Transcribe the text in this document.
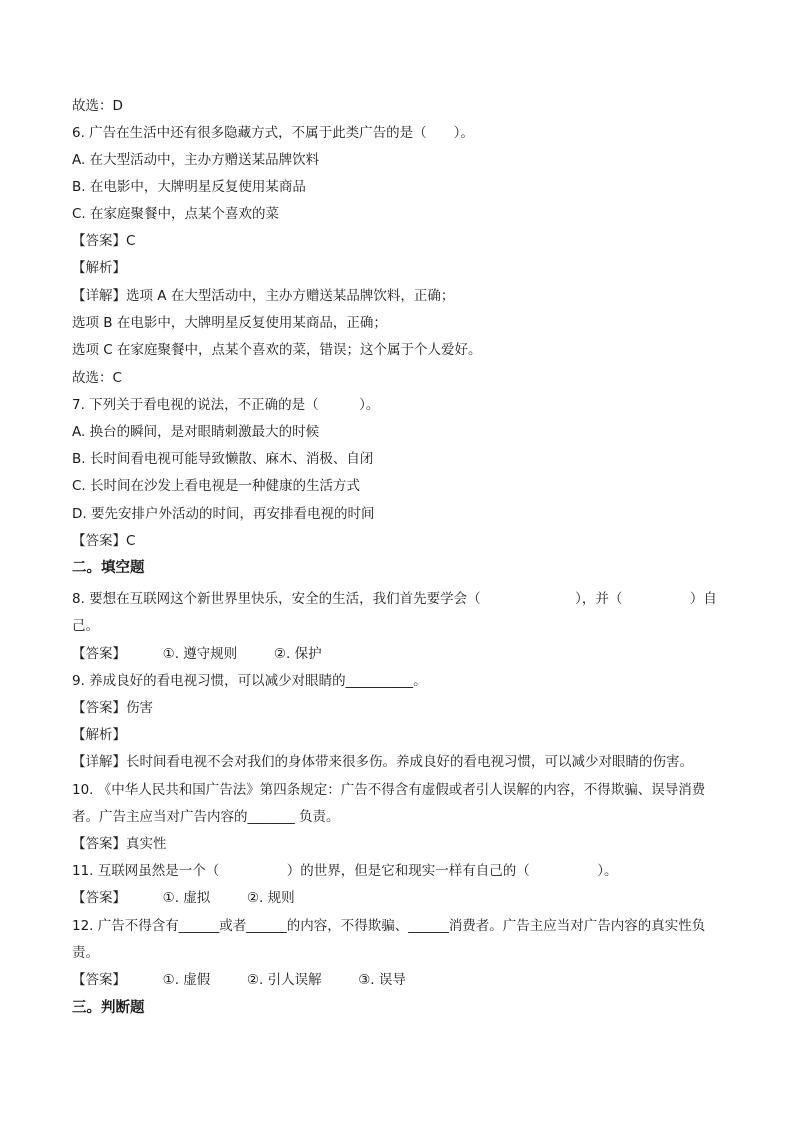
故选：D
6. 广告在生活中还有很多隐藏方式，不属于此类广告的是（　　）。
A. 在大型活动中，主办方赠送某品牌饮料
B. 在电影中，大牌明星反复使用某商品
C. 在家庭聚餐中，点某个喜欢的菜
【答案】C
【解析】
【详解】选项 A 在大型活动中，主办方赠送某品牌饮料，正确；
选项 B 在电影中，大牌明星反复使用某商品，正确；
选项 C 在家庭聚餐中，点某个喜欢的菜，错误；这个属于个人爱好。
故选：C
7. 下列关于看电视的说法，不正确的是（　　　）。
A. 换台的瞬间，是对眼睛刺激最大的时候
B. 长时间看电视可能导致懒散、麻木、消极、自闭
C. 长时间在沙发上看电视是一种健康的生活方式
D. 要先安排户外活动的时间，再安排看电视的时间
【答案】C
二。填空题
8. 要想在互联网这个新世界里快乐，安全的生活，我们首先要学会（　　　　　　　），并（　　　　　）自
己。
【答案】	①. 遵守规则	②. 保护
9. 养成良好的看电视习惯，可以减少对眼睛的__________。
【答案】伤害
【解析】
【详解】长时间看电视不会对我们的身体带来很多伤。养成良好的看电视习惯，可以减少对眼睛的伤害。
10. 《中华人民共和国广告法》第四条规定：广告不得含有虚假或者引人误解的内容，不得欺骗、误导消费
者。广告主应当对广告内容的_______ 负责。
【答案】真实性
11. 互联网虽然是一个（　　　　　）的世界，但是它和现实一样有自己的（　　　　　）。
【答案】	①. 虚拟	②. 规则
12. 广告不得含有______或者______的内容，不得欺骗、______消费者。广告主应当对广告内容的真实性负
责。
【答案】	①. 虚假	②. 引人误解	③. 误导
三。判断题
